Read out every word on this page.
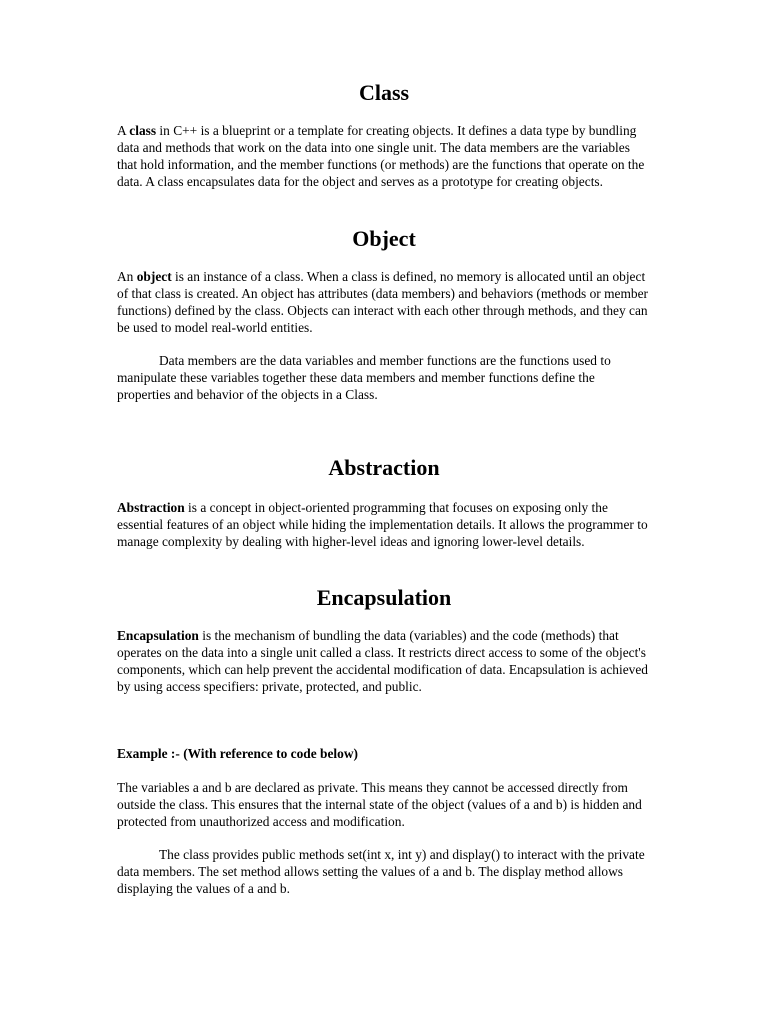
Class

A class in C++ is a blueprint or a template for creating objects. It defines a data type by bundling data and methods that work on the data into one single unit. The data members are the variables that hold information, and the member functions (or methods) are the functions that operate on the data. A class encapsulates data for the object and serves as a prototype for creating objects.

Object

An object is an instance of a class. When a class is defined, no memory is allocated until an object of that class is created. An object has attributes (data members) and behaviors (methods or member functions) defined by the class. Objects can interact with each other through methods, and they can be used to model real-world entities.

Data members are the data variables and member functions are the functions used to manipulate these variables together these data members and member functions define the properties and behavior of the objects in a Class.

Abstraction

Abstraction is a concept in object-oriented programming that focuses on exposing only the essential features of an object while hiding the implementation details. It allows the programmer to manage complexity by dealing with higher-level ideas and ignoring lower-level details.

Encapsulation

Encapsulation is the mechanism of bundling the data (variables) and the code (methods) that operates on the data into a single unit called a class. It restricts direct access to some of the object's components, which can help prevent the accidental modification of data. Encapsulation is achieved by using access specifiers: private, protected, and public.

Example :- (With reference to code below)

The variables a and b are declared as private. This means they cannot be accessed directly from outside the class. This ensures that the internal state of the object (values of a and b) is hidden and protected from unauthorized access and modification.

The class provides public methods set(int x, int y) and display() to interact with the private data members. The set method allows setting the values of a and b. The display method allows displaying the values of a and b.
